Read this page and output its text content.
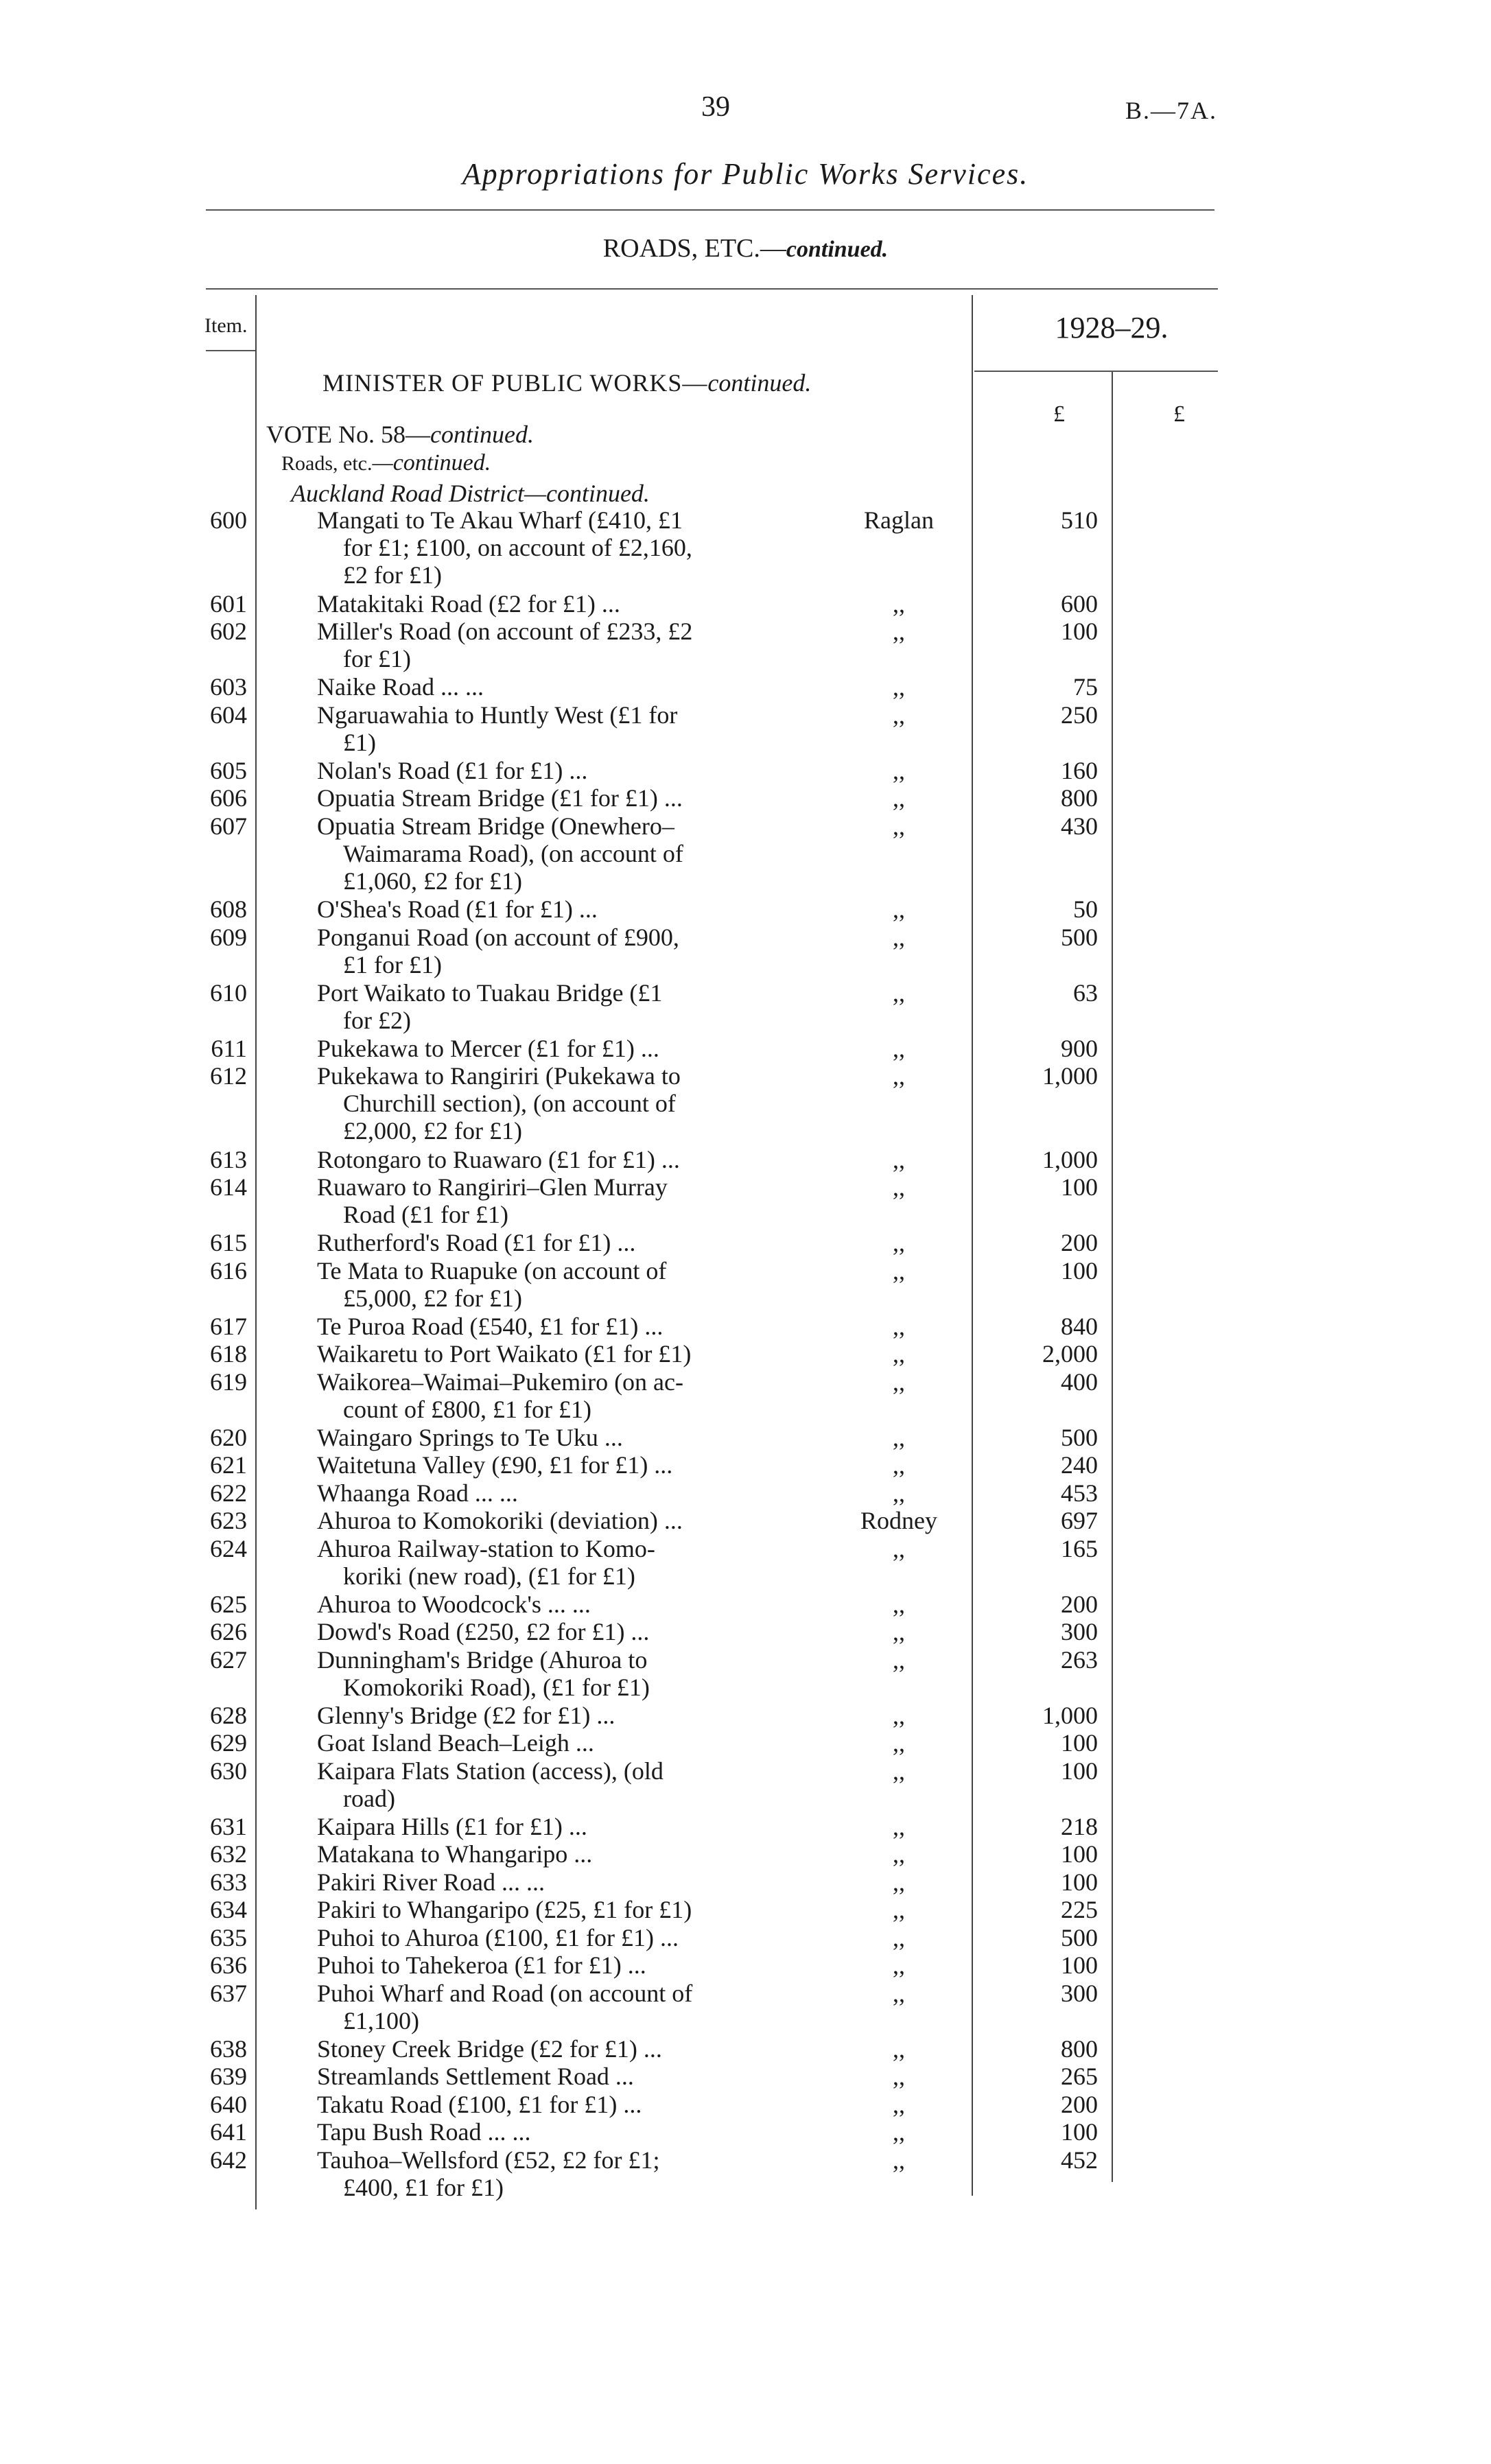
39	B.—7A.
Appropriations for Public Works Services.
ROADS, ETC.—continued.
Item.	1928–29.
£	£
MINISTER OF PUBLIC WORKS—continued.
VOTE No. 58—continued.
Roads, etc.—continued.
Auckland Road District—continued.
600	Mangati to Te Akau Wharf (£410, £1
for £1; £100, on account of £2,160,
£2 for £1)
Raglan	510
601	Matakitaki Road (£2 for £1) ...	,,	600
602	Miller's Road (on account of £233, £2
for £1)
,,	100
603	Naike Road ... ...	,,	75
604	Ngaruawahia to Huntly West (£1 for
£1)
,,	250
605	Nolan's Road (£1 for £1) ...	,,	160
606	Opuatia Stream Bridge (£1 for £1) ...	,,	800
607	Opuatia Stream Bridge (Onewhero–
Waimarama Road), (on account of
£1,060, £2 for £1)
,,	430
608	O'Shea's Road (£1 for £1) ...	,,	50
609	Ponganui Road (on account of £900,
£1 for £1)
,,	500
610	Port Waikato to Tuakau Bridge (£1
for £2)
,,	63
611	Pukekawa to Mercer (£1 for £1) ...	,,	900
612	Pukekawa to Rangiriri (Pukekawa to
Churchill section), (on account of
£2,000, £2 for £1)
,,	1,000
613	Rotongaro to Ruawaro (£1 for £1) ...	,,	1,000
614	Ruawaro to Rangiriri–Glen Murray
Road (£1 for £1)
,,	100
615	Rutherford's Road (£1 for £1) ...	,,	200
616	Te Mata to Ruapuke (on account of
£5,000, £2 for £1)
,,	100
617	Te Puroa Road (£540, £1 for £1) ...	,,	840
618	Waikaretu to Port Waikato (£1 for £1)	,,	2,000
619	Waikorea–Waimai–Pukemiro (on ac-
count of £800, £1 for £1)
,,	400
620	Waingaro Springs to Te Uku ...	,,	500
621	Waitetuna Valley (£90, £1 for £1) ...	,,	240
622	Whaanga Road ... ...	,,	453
623	Ahuroa to Komokoriki (deviation) ...	Rodney	697
624	Ahuroa Railway-station to Komo-
koriki (new road), (£1 for £1)
,,	165
625	Ahuroa to Woodcock's ... ...	,,	200
626	Dowd's Road (£250, £2 for £1) ...	,,	300
627	Dunningham's Bridge (Ahuroa to
Komokoriki Road), (£1 for £1)
,,	263
628	Glenny's Bridge (£2 for £1) ...	,,	1,000
629	Goat Island Beach–Leigh ...	,,	100
630	Kaipara Flats Station (access), (old
road)
,,	100
631	Kaipara Hills (£1 for £1) ...	,,	218
632	Matakana to Whangaripo ...	,,	100
633	Pakiri River Road ... ...	,,	100
634	Pakiri to Whangaripo (£25, £1 for £1)	,,	225
635	Puhoi to Ahuroa (£100, £1 for £1) ...	,,	500
636	Puhoi to Tahekeroa (£1 for £1) ...	,,	100
637	Puhoi Wharf and Road (on account of
£1,100)
,,	300
638	Stoney Creek Bridge (£2 for £1) ...	,,	800
639	Streamlands Settlement Road ...	,,	265
640	Takatu Road (£100, £1 for £1) ...	,,	200
641	Tapu Bush Road ... ...	,,	100
642	Tauhoa–Wellsford (£52, £2 for £1;
£400, £1 for £1)
,,	452
